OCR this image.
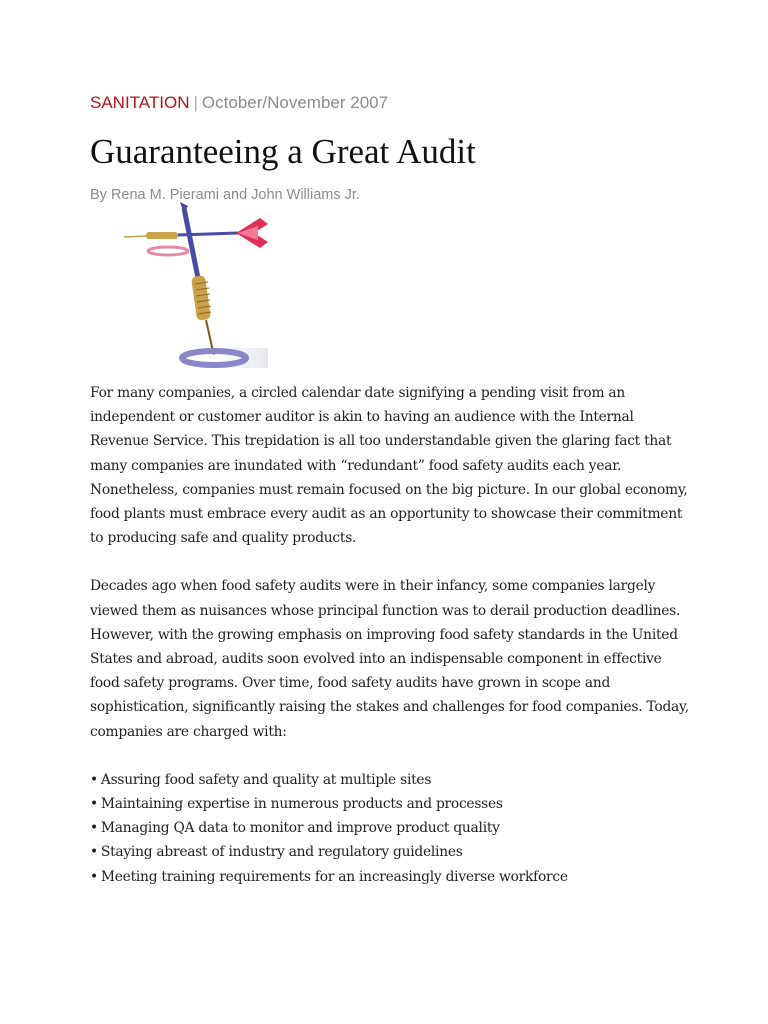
SANITATION | October/November 2007
Guaranteeing a Great Audit
By Rena M. Pierami and John Williams Jr.

For many companies, a circled calendar date signifying a pending visit from an independent or customer auditor is akin to having an audience with the Internal Revenue Service. This trepidation is all too understandable given the glaring fact that many companies are inundated with “redundant” food safety audits each year. Nonetheless, companies must remain focused on the big picture. In our global economy, food plants must embrace every audit as an opportunity to showcase their commitment to producing safe and quality products.

Decades ago when food safety audits were in their infancy, some companies largely viewed them as nuisances whose principal function was to derail production deadlines. However, with the growing emphasis on improving food safety standards in the United States and abroad, audits soon evolved into an indispensable component in effective food safety programs. Over time, food safety audits have grown in scope and sophistication, significantly raising the stakes and challenges for food companies. Today, companies are charged with:

• Assuring food safety and quality at multiple sites
• Maintaining expertise in numerous products and processes
• Managing QA data to monitor and improve product quality
• Staying abreast of industry and regulatory guidelines
• Meeting training requirements for an increasingly diverse workforce
